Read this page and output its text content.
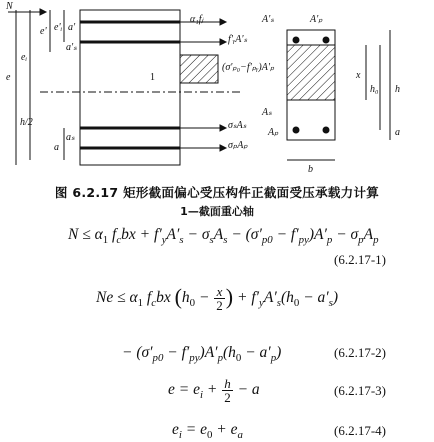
N
e
eᵢ
e' e'ᵢ a'
a'ₛ
h/2
a
aₛ
1
α₁fⱼ
f'ᵧA'ₛ
(σ'ₚ₀−f'ₚᵧ)A'ₚ
σₛAₛ
σₚAₚ
A'ₛ	A'ₚ
Aₛ
Aₚ
x
h₀ h
a
b
图 6.2.17 矩形截面偏心受压构件正截面受压承载力计算
1—截面重心轴
$N \le \alpha_1$ $f_cbx + f'_yA'_s - \sigma_sA_s - (\sigma'_{p0} - f'_{py})A'_p - \sigma_pA_p$
(6.2.17-1)
$Ne \le \alpha_1$ $f_cbx$ ($h_0 - \frac{x}{2}$ ) + $f'_yA'_s(h_0 - a'_s)$
− $(\sigma'_{p0} - f'_{py})A'_p(h_0 - a'_p)$	(6.2.17-2)
$e = e_i + \frac{h}{2} - a$	(6.2.17-3)
$e_i = e_0 + e_a$	(6.2.17-4)
